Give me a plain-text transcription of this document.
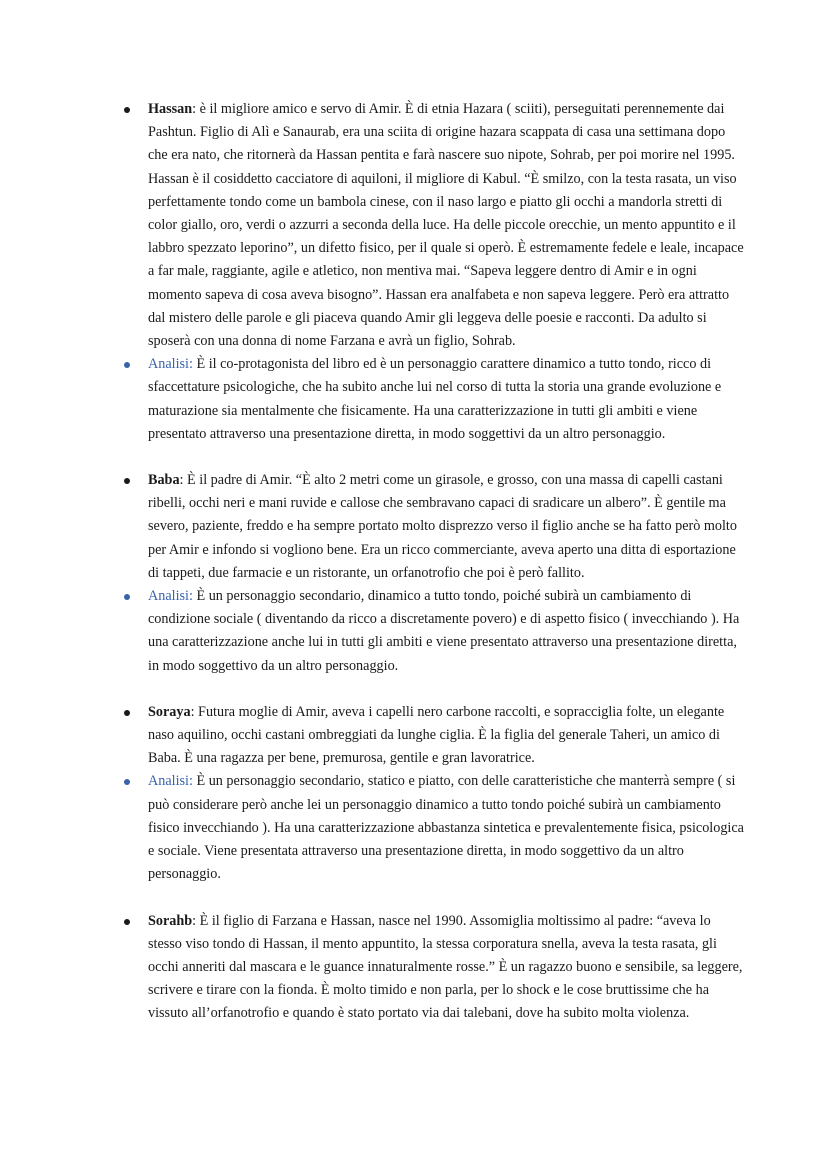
Hassan: è il migliore amico e servo di Amir. È di etnia Hazara ( sciiti), perseguitati perennemente dai Pashtun. Figlio di Alì e Sanaurab, era una sciita di origine hazara scappata di casa una settimana dopo che era nato, che ritornerà da Hassan pentita e farà nascere suo nipote, Sohrab, per poi morire nel 1995. Hassan è il cosiddetto cacciatore di aquiloni, il migliore di Kabul. “È smilzo, con la testa rasata, un viso perfettamente tondo come un bambola cinese, con il naso largo e piatto gli occhi a mandorla stretti di color giallo, oro, verdi o azzurri a seconda della luce. Ha delle piccole orecchie, un mento appuntito e il labbro spezzato leporino”, un difetto fisico, per il quale si operò. È estremamente fedele e leale, incapace a far male, raggiante, agile e atletico, non mentiva mai. “Sapeva leggere dentro di Amir e in ogni momento sapeva di cosa aveva bisogno”. Hassan era analfabeta e non sapeva leggere. Però era attratto dal mistero delle parole e gli piaceva quando Amir gli leggeva delle poesie e racconti. Da adulto si sposerà con una donna di nome Farzana e avrà un figlio, Sohrab.
Analisi: È il co-protagonista del libro ed è un personaggio carattere dinamico a tutto tondo, ricco di sfaccettature psicologiche, che ha subito anche lui nel corso di tutta la storia una grande evoluzione e maturazione sia mentalmente che fisicamente. Ha una caratterizzazione in tutti gli ambiti e viene presentato attraverso una presentazione diretta, in modo soggettivi da un altro personaggio.
Baba: È il padre di Amir. “È alto 2 metri come un girasole, e grosso, con una massa di capelli castani ribelli, occhi neri e mani ruvide e callose che sembravano capaci di sradicare un albero”. È gentile ma severo, paziente, freddo e ha sempre portato molto disprezzo verso il figlio anche se ha fatto però molto per Amir e infondo si vogliono bene. Era un ricco commerciante, aveva aperto una ditta di esportazione di tappeti, due farmacie e un ristorante, un orfanotrofio che poi è però fallito.
Analisi: È un personaggio secondario, dinamico a tutto tondo, poiché subirà un cambiamento di condizione sociale ( diventando da ricco a discretamente povero) e di aspetto fisico ( invecchiando ). Ha una caratterizzazione anche lui in tutti gli ambiti e viene presentato attraverso una presentazione diretta, in modo soggettivo da un altro personaggio.
Soraya: Futura moglie di Amir, aveva i capelli nero carbone raccolti, e sopracciglia folte, un elegante naso aquilino, occhi castani ombreggiati da lunghe ciglia. È la figlia del generale Taheri, un amico di Baba. È una ragazza per bene, premurosa, gentile e gran lavoratrice.
Analisi: È un personaggio secondario, statico e piatto, con delle caratteristiche che manterrà sempre ( si può considerare però anche lei un personaggio dinamico a tutto tondo poiché subirà un cambiamento fisico invecchiando ). Ha una caratterizzazione abbastanza sintetica e prevalentemente fisica, psicologica e sociale. Viene presentata attraverso una presentazione diretta, in modo soggettivo da un altro personaggio.
Sorahb: È il figlio di Farzana e Hassan, nasce nel 1990. Assomiglia moltissimo al padre: “aveva lo stesso viso tondo di Hassan, il mento appuntito, la stessa corporatura snella, aveva la testa rasata, gli occhi anneriti dal mascara e le guance innaturalmente rosse.” È un ragazzo buono e sensibile, sa leggere, scrivere e tirare con la fionda. È molto timido e non parla, per lo shock e le cose bruttissime che ha vissuto all’orfanotrofio e quando è stato portato via dai talebani, dove ha subito molta violenza.
